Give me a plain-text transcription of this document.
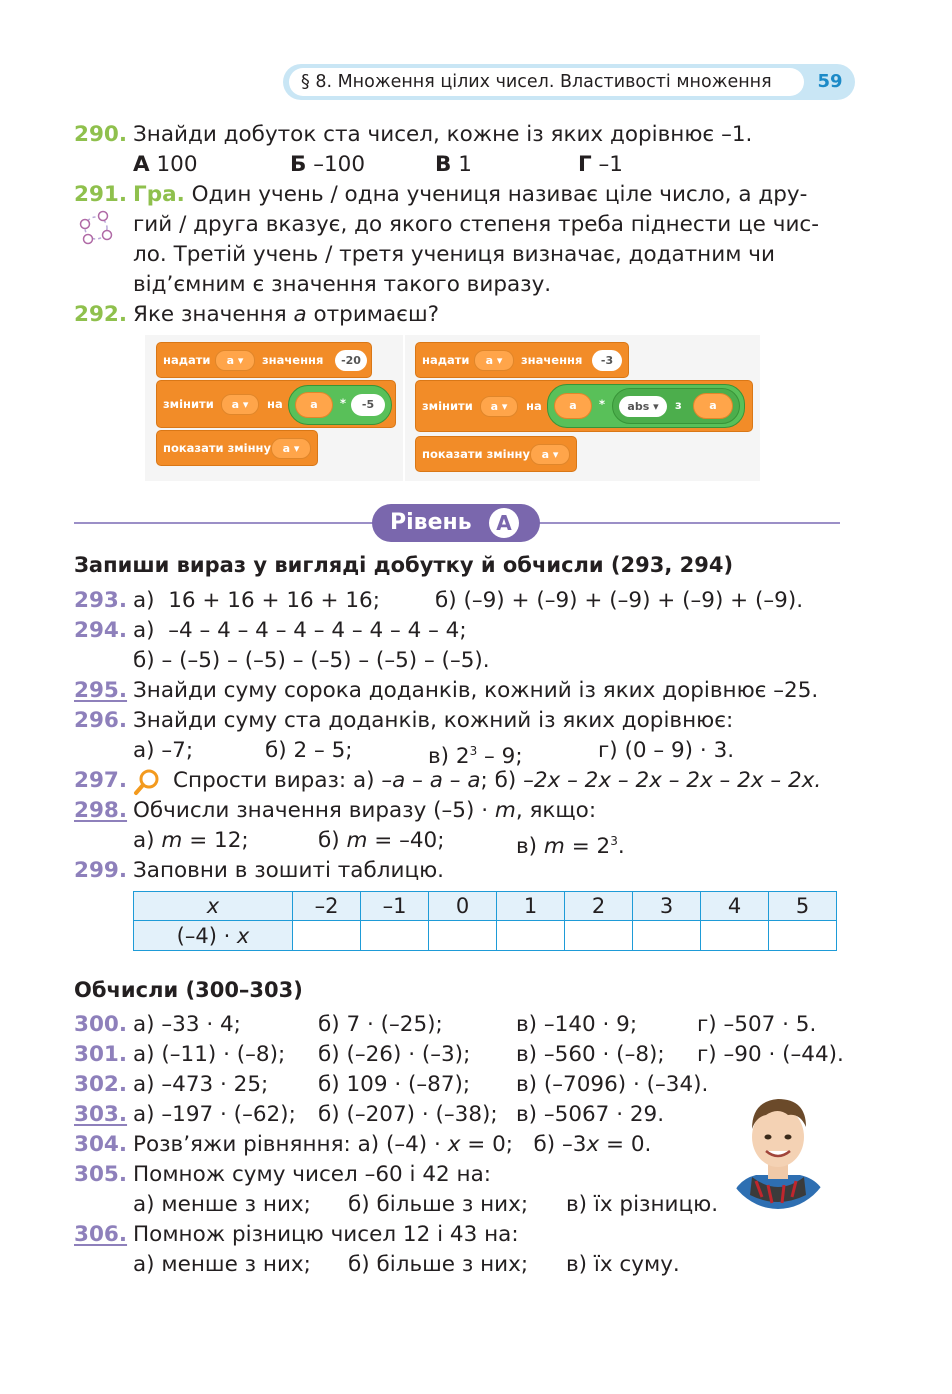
§ 8. Множення цілих чисел. Властивості множення	59
290. Знайди добуток ста чисел, кожне із яких дорівнює –1.
А 100	Б –100	В 1	Г –1
291. Гра. Один учень / одна учениця називає ціле число, а дру-
гий / друга вказує, до якого степеня треба піднести це чис-
ло. Третій учень / третя учениця визначає, додатним чи
від’ємним є значення такого виразу.
292. Яке значення a отримаєш?
надати	а ▾	значення	-20
змінити	а ▾	на	а	*	-5
показати змінну	а ▾
надати	а ▾	значення	-3
змінити	а ▾	на	а	*	abs ▾	з	а
показати змінну	а ▾
Рівень	А
Запиши вираз у вигляді добутку й обчисли (293, 294)
293. а)  16 + 16 + 16 + 16;	б) (–9) + (–9) + (–9) + (–9) + (–9).
294. а)  –4 – 4 – 4 – 4 – 4 – 4 – 4 – 4;
б) – (–5) – (–5) – (–5) – (–5) – (–5).
295. Знайди суму сорока доданків, кожний із яких дорівнює –25.
296. Знайди суму ста доданків, кожний із яких дорівнює:
а) –7;	б) 2 – 5;	в) $2^3 - 9$;	г) (0 – 9) · 3.
297. Спрости вираз: а) –a – a – a; б) –2x – 2x – 2x – 2x – 2x – 2x.
298. Обчисли значення виразу (–5) · m, якщо:
а) m = 12;	б) m = –40;	в) $m = 2^3$.
299. Заповни в зошиті таблицю.
x	–2	–1	0	1	2	3	4	5
(–4) · x								
Обчисли (300–303)
300. а) –33 · 4;	б) 7 · (–25);	в) –140 · 9;	г) –507 · 5.
301. а) (–11) · (–8); б) (–26) · (–3); в) –560 · (–8); г) –90 · (–44).
302. а) –473 · 25; б) 109 · (–87); в) (–7096) · (–34).
303. а) –197 · (–62); б) (–207) · (–38); в) –5067 · 29.
304. Розв’яжи рівняння: а) (–4) · x = 0;   б) –3x = 0.
305. Помнож суму чисел –60 і 42 на:
а) менше з них; б) більше з них; в) їх різницю.
306. Помнож різницю чисел 12 і 43 на:
а) менше з них; б) більше з них; в) їх суму.
